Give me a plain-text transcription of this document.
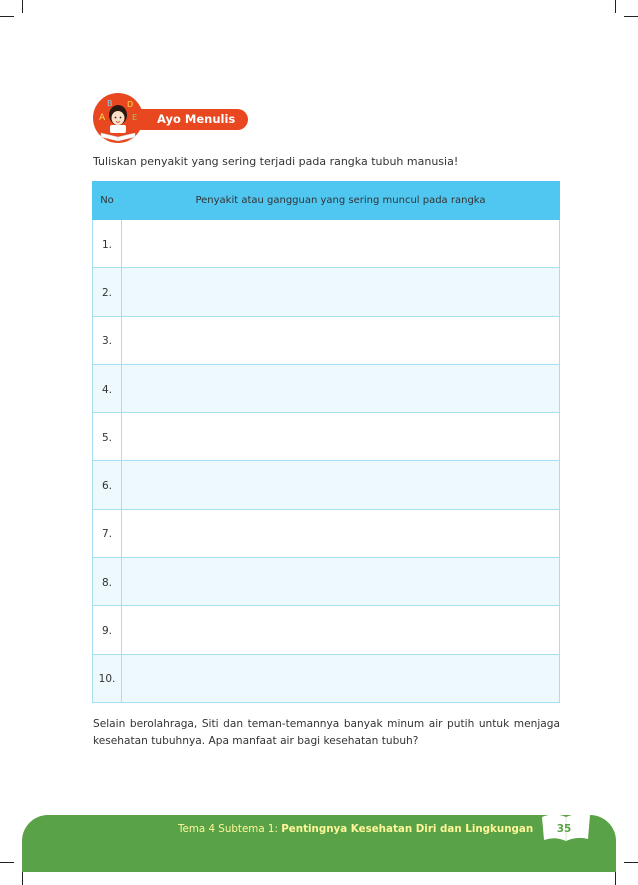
Ayo Menulis
A
B D
E
Tuliskan penyakit yang sering terjadi pada rangka tubuh manusia!
No	Penyakit atau gangguan yang sering muncul pada rangka
1.	
2.	
3.	
4.	
5.	
6.	
7.	
8.	
9.	
10.	
Selain berolahraga, Siti dan teman-temannya banyak minum air putih untuk menjaga kesehatan tubuhnya. Apa manfaat air bagi kesehatan tubuh?
Tema 4 Subtema 1: Pentingnya Kesehatan Diri dan Lingkungan	35
